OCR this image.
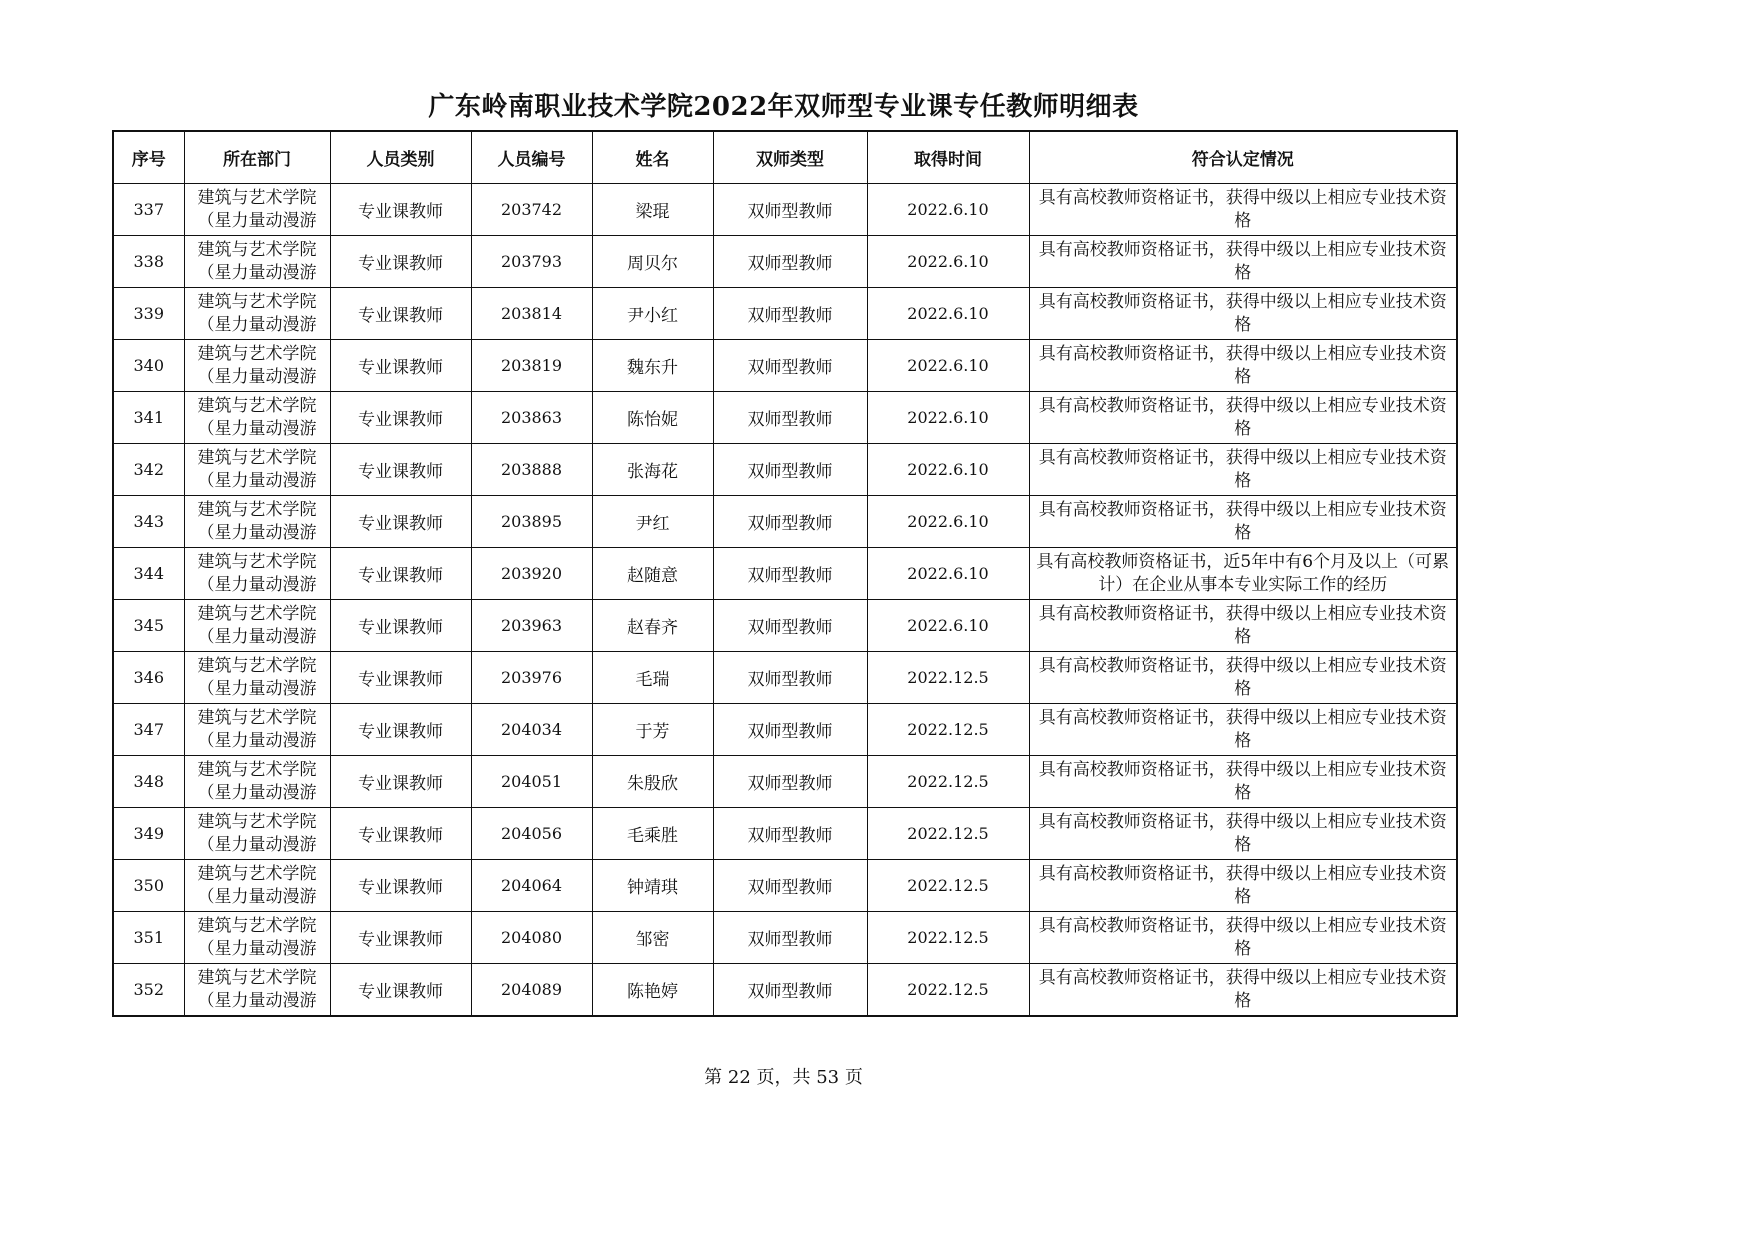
广东岭南职业技术学院2022年双师型专业课专任教师明细表
序号	所在部门	人员类别	人员编号	姓名	双师类型	取得时间	符合认定情况
337	建筑与艺术学院（星力量动漫游	专业课教师	203742	梁琨	双师型教师	2022.6.10	具有高校教师资格证书，获得中级以上相应专业技术资格

338	建筑与艺术学院（星力量动漫游	专业课教师	203793	周贝尔	双师型教师	2022.6.10	具有高校教师资格证书，获得中级以上相应专业技术资格

339	建筑与艺术学院（星力量动漫游	专业课教师	203814	尹小红	双师型教师	2022.6.10	具有高校教师资格证书，获得中级以上相应专业技术资格

340	建筑与艺术学院（星力量动漫游	专业课教师	203819	魏东升	双师型教师	2022.6.10	具有高校教师资格证书，获得中级以上相应专业技术资格

341	建筑与艺术学院（星力量动漫游	专业课教师	203863	陈怡妮	双师型教师	2022.6.10	具有高校教师资格证书，获得中级以上相应专业技术资格

342	建筑与艺术学院（星力量动漫游	专业课教师	203888	张海花	双师型教师	2022.6.10	具有高校教师资格证书，获得中级以上相应专业技术资格

343	建筑与艺术学院（星力量动漫游	专业课教师	203895	尹红	双师型教师	2022.6.10	具有高校教师资格证书，获得中级以上相应专业技术资格

344	建筑与艺术学院（星力量动漫游	专业课教师	203920	赵随意	双师型教师	2022.6.10	具有高校教师资格证书，近5年中有6个月及以上（可累计）在企业从事本专业实际工作的经历

345	建筑与艺术学院（星力量动漫游	专业课教师	203963	赵春齐	双师型教师	2022.6.10	具有高校教师资格证书，获得中级以上相应专业技术资格

346	建筑与艺术学院（星力量动漫游	专业课教师	203976	毛瑞	双师型教师	2022.12.5	具有高校教师资格证书，获得中级以上相应专业技术资格

347	建筑与艺术学院（星力量动漫游	专业课教师	204034	于芳	双师型教师	2022.12.5	具有高校教师资格证书，获得中级以上相应专业技术资格

348	建筑与艺术学院（星力量动漫游	专业课教师	204051	朱殷欣	双师型教师	2022.12.5	具有高校教师资格证书，获得中级以上相应专业技术资格

349	建筑与艺术学院（星力量动漫游	专业课教师	204056	毛乘胜	双师型教师	2022.12.5	具有高校教师资格证书，获得中级以上相应专业技术资格

350	建筑与艺术学院（星力量动漫游	专业课教师	204064	钟靖琪	双师型教师	2022.12.5	具有高校教师资格证书，获得中级以上相应专业技术资格

351	建筑与艺术学院（星力量动漫游	专业课教师	204080	邹密	双师型教师	2022.12.5	具有高校教师资格证书，获得中级以上相应专业技术资格

352	建筑与艺术学院（星力量动漫游	专业课教师	204089	陈艳婷	双师型教师	2022.12.5	具有高校教师资格证书，获得中级以上相应专业技术资格
第 22 页，共 53 页
